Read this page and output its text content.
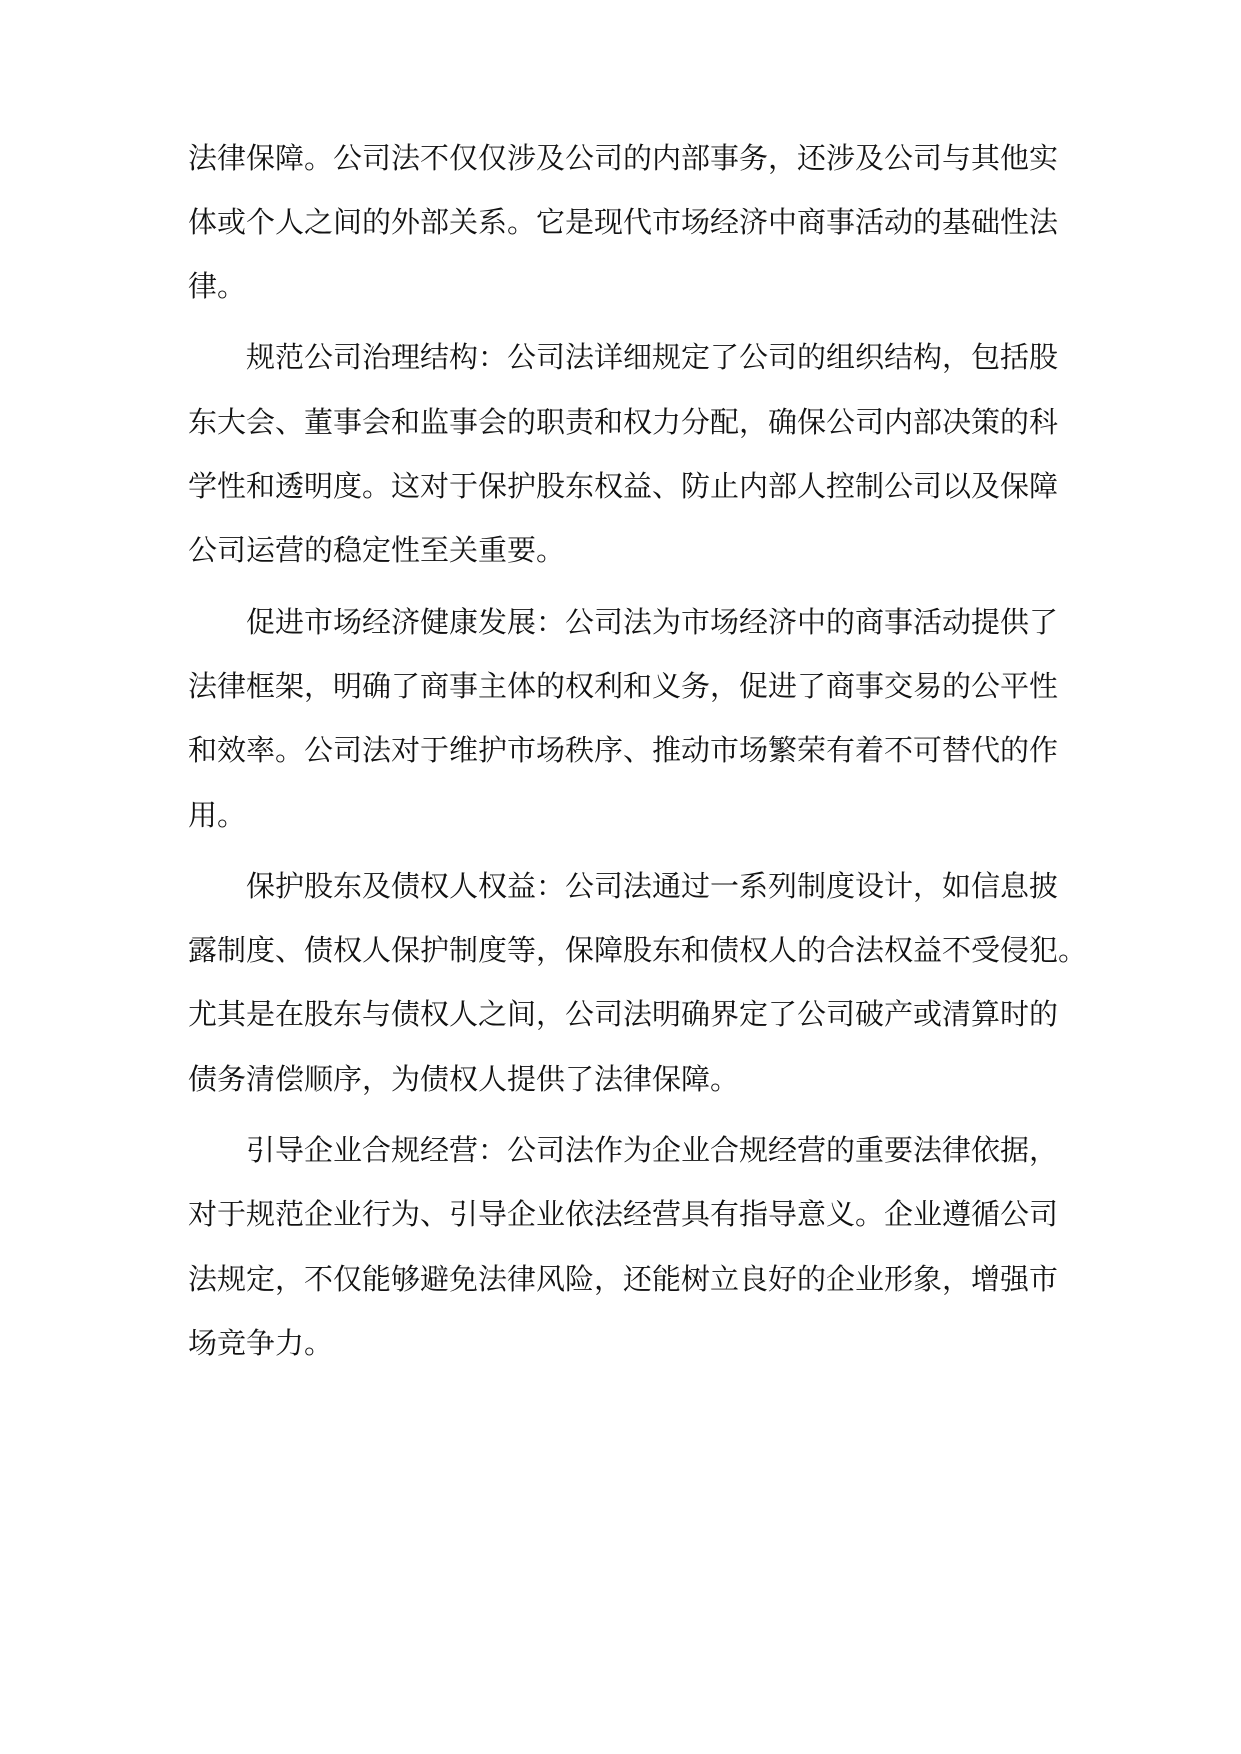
法律保障。公司法不仅仅涉及公司的内部事务，还涉及公司与其他实

体或个人之间的外部关系。它是现代市场经济中商事活动的基础性法

律。

规范公司治理结构：公司法详细规定了公司的组织结构，包括股

东大会、董事会和监事会的职责和权力分配，确保公司内部决策的科

学性和透明度。这对于保护股东权益、防止内部人控制公司以及保障

公司运营的稳定性至关重要。

促进市场经济健康发展：公司法为市场经济中的商事活动提供了

法律框架，明确了商事主体的权利和义务，促进了商事交易的公平性

和效率。公司法对于维护市场秩序、推动市场繁荣有着不可替代的作

用。

保护股东及债权人权益：公司法通过一系列制度设计，如信息披

露制度、债权人保护制度等，保障股东和债权人的合法权益不受侵犯。

尤其是在股东与债权人之间，公司法明确界定了公司破产或清算时的

债务清偿顺序，为债权人提供了法律保障。

引导企业合规经营：公司法作为企业合规经营的重要法律依据，

对于规范企业行为、引导企业依法经营具有指导意义。企业遵循公司

法规定，不仅能够避免法律风险，还能树立良好的企业形象，增强市

场竞争力。
